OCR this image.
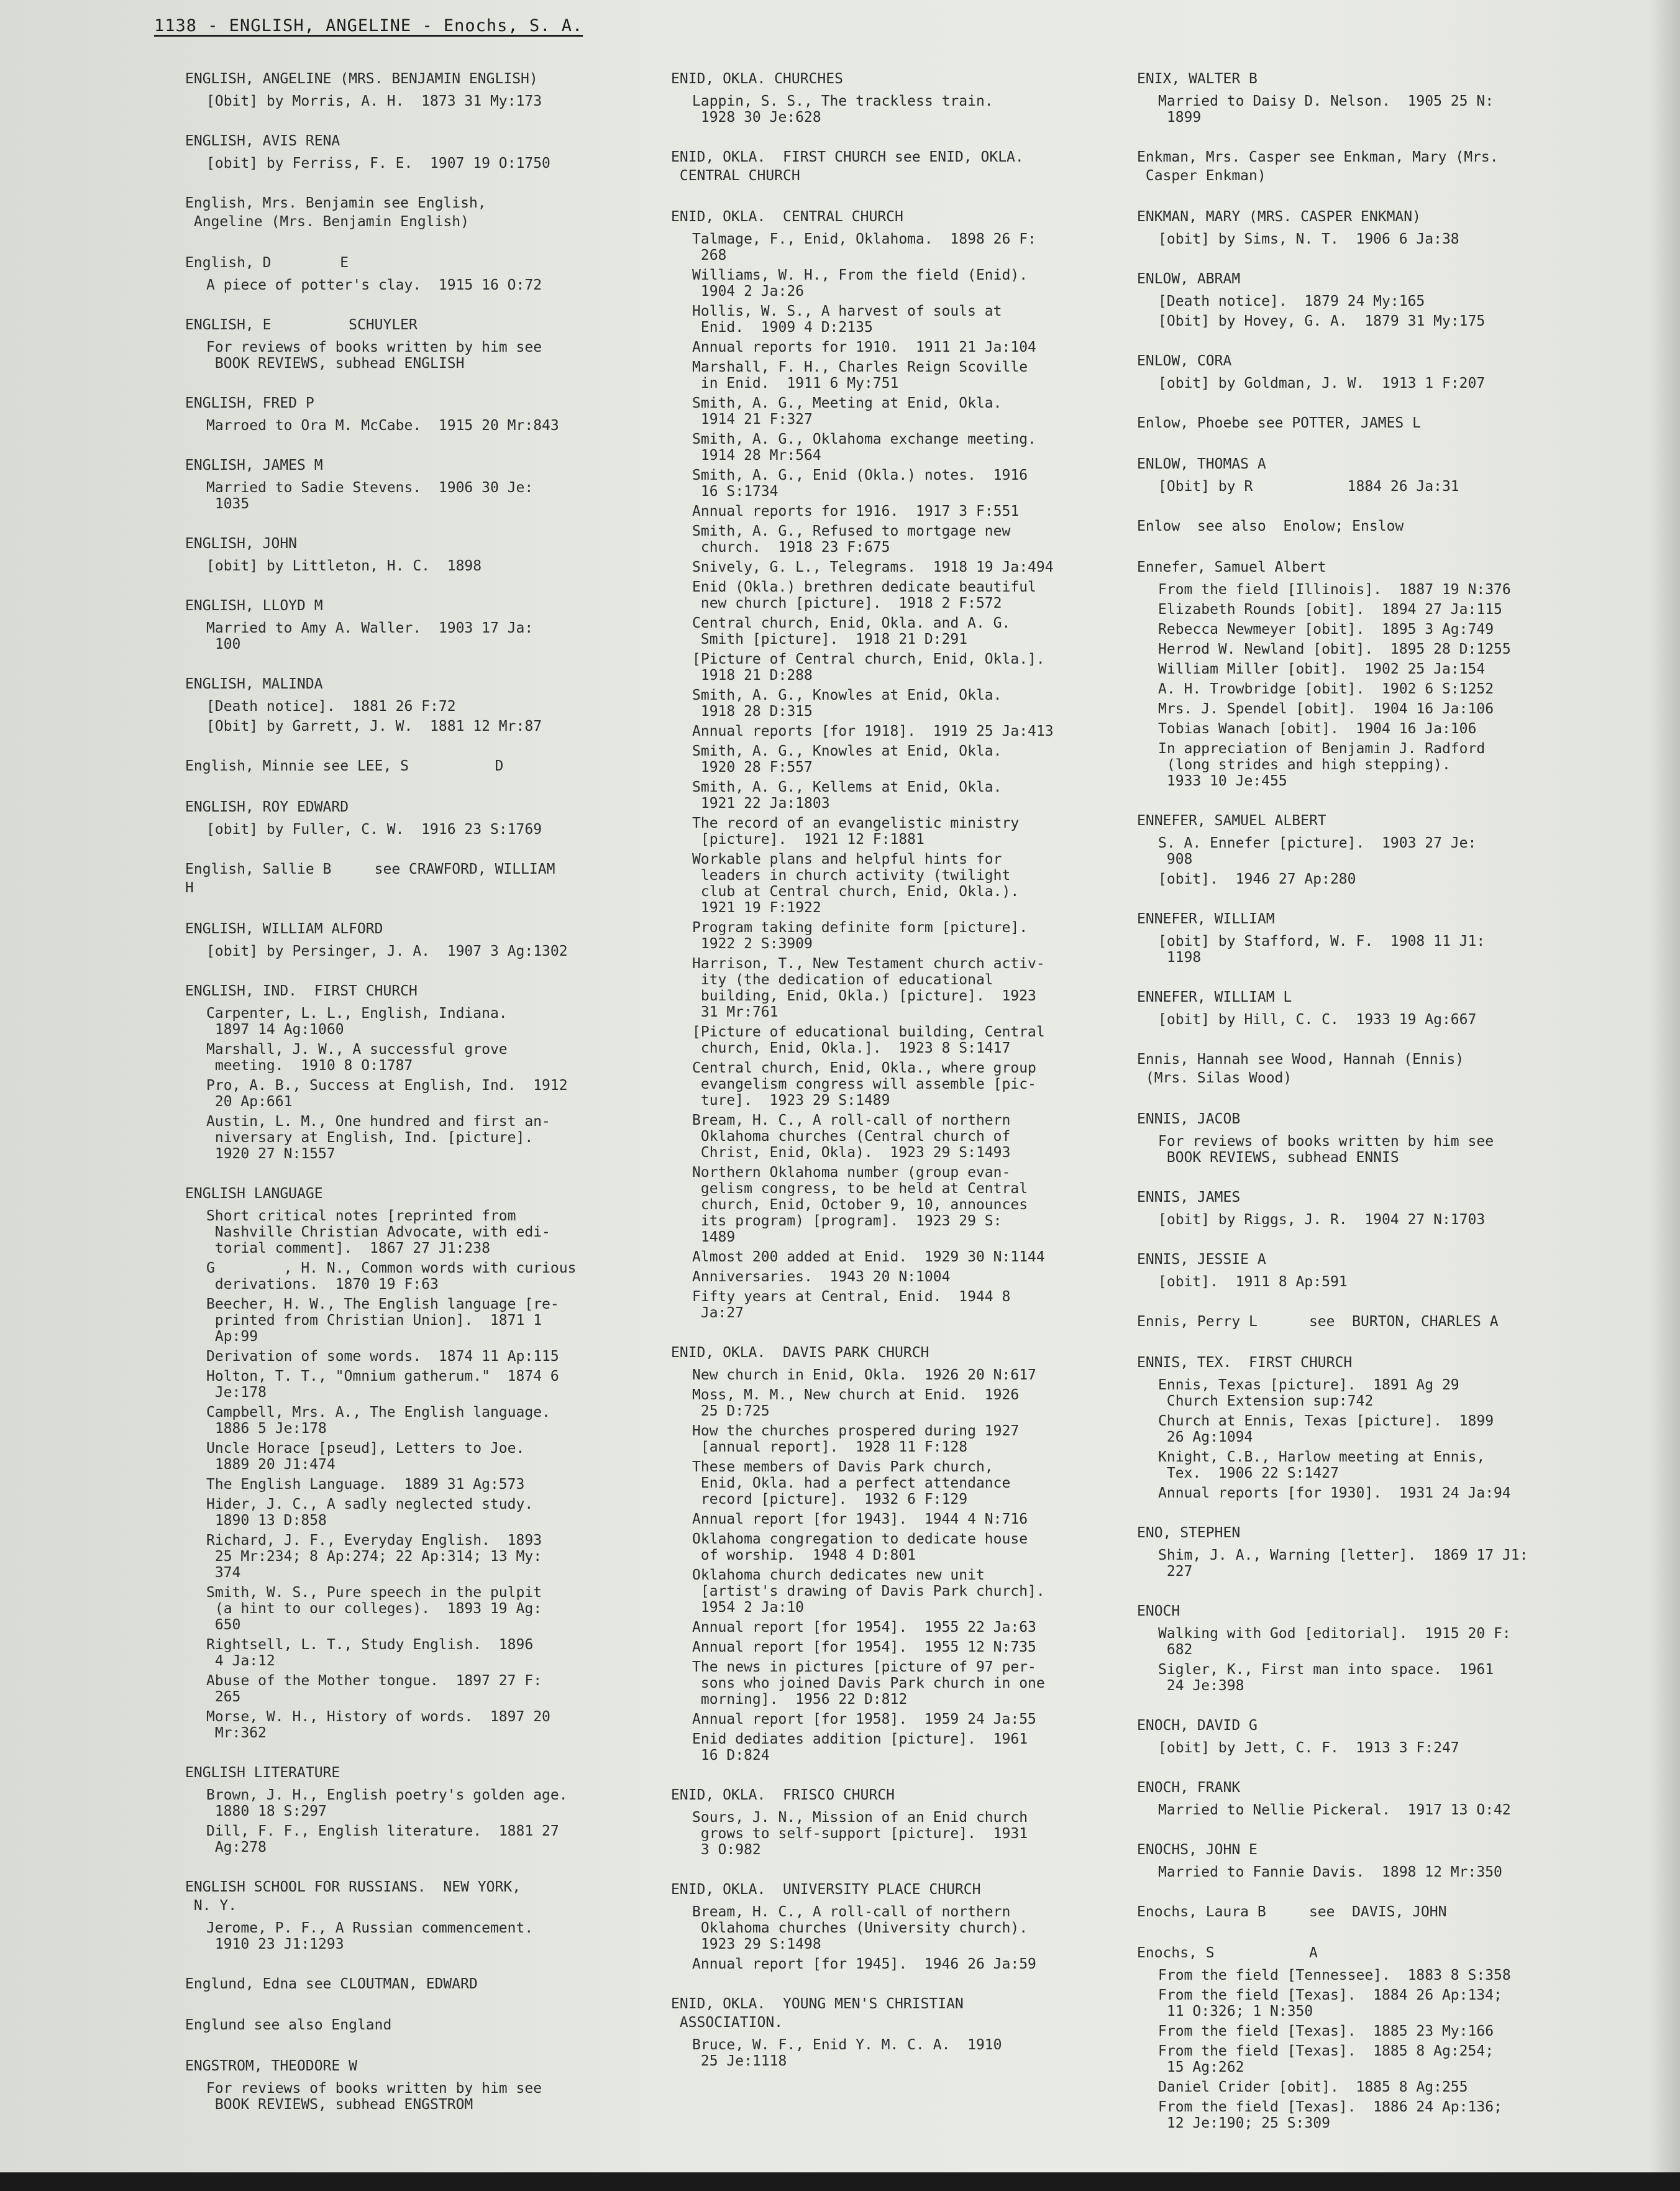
1138 - ENGLISH, ANGELINE - Enochs, S. A.
ENGLISH, ANGELINE (MRS. BENJAMIN ENGLISH)
[Obit] by Morris, A. H.  1873 31 My:173
ENGLISH, AVIS RENA
[obit] by Ferriss, F. E.  1907 19 O:1750
English, Mrs. Benjamin see English,
Angeline (Mrs. Benjamin English)
English, D        E
A piece of potter's clay.  1915 16 O:72
ENGLISH, E         SCHUYLER
For reviews of books written by him see
BOOK REVIEWS, subhead ENGLISH
ENGLISH, FRED P
Marroed to Ora M. McCabe.  1915 20 Mr:843
ENGLISH, JAMES M
Married to Sadie Stevens.  1906 30 Je:
1035
ENGLISH, JOHN
[obit] by Littleton, H. C.  1898
ENGLISH, LLOYD M
Married to Amy A. Waller.  1903 17 Ja:
100
ENGLISH, MALINDA
[Death notice].  1881 26 F:72
[Obit] by Garrett, J. W.  1881 12 Mr:87
English, Minnie see LEE, S          D
ENGLISH, ROY EDWARD
[obit] by Fuller, C. W.  1916 23 S:1769
English, Sallie B     see CRAWFORD, WILLIAM
H
ENGLISH, WILLIAM ALFORD
[obit] by Persinger, J. A.  1907 3 Ag:1302
ENGLISH, IND.  FIRST CHURCH
Carpenter, L. L., English, Indiana.
1897 14 Ag:1060
Marshall, J. W., A successful grove
meeting.  1910 8 O:1787
Pro, A. B., Success at English, Ind.  1912
20 Ap:661
Austin, L. M., One hundred and first an-
niversary at English, Ind. [picture].
1920 27 N:1557
ENGLISH LANGUAGE
Short critical notes [reprinted from
Nashville Christian Advocate, with edi-
torial comment].  1867 27 J1:238
G        , H. N., Common words with curious
derivations.  1870 19 F:63
Beecher, H. W., The English language [re-
printed from Christian Union].  1871 1
Ap:99
Derivation of some words.  1874 11 Ap:115
Holton, T. T., "Omnium gatherum."  1874 6
Je:178
Campbell, Mrs. A., The English language.
1886 5 Je:178
Uncle Horace [pseud], Letters to Joe.
1889 20 J1:474
The English Language.  1889 31 Ag:573
Hider, J. C., A sadly neglected study.
1890 13 D:858
Richard, J. F., Everyday English.  1893
25 Mr:234; 8 Ap:274; 22 Ap:314; 13 My:
374
Smith, W. S., Pure speech in the pulpit
(a hint to our colleges).  1893 19 Ag:
650
Rightsell, L. T., Study English.  1896
4 Ja:12
Abuse of the Mother tongue.  1897 27 F:
265
Morse, W. H., History of words.  1897 20
Mr:362
ENGLISH LITERATURE
Brown, J. H., English poetry's golden age.
1880 18 S:297
Dill, F. F., English literature.  1881 27
Ag:278
ENGLISH SCHOOL FOR RUSSIANS.  NEW YORK,
N. Y.
Jerome, P. F., A Russian commencement.
1910 23 J1:1293
Englund, Edna see CLOUTMAN, EDWARD
Englund see also England
ENGSTROM, THEODORE W
For reviews of books written by him see
BOOK REVIEWS, subhead ENGSTROM
ENID, OKLA. CHURCHES
Lappin, S. S., The trackless train.
1928 30 Je:628
ENID, OKLA.  FIRST CHURCH see ENID, OKLA.
CENTRAL CHURCH
ENID, OKLA.  CENTRAL CHURCH
Talmage, F., Enid, Oklahoma.  1898 26 F:
268
Williams, W. H., From the field (Enid).
1904 2 Ja:26
Hollis, W. S., A harvest of souls at
Enid.  1909 4 D:2135
Annual reports for 1910.  1911 21 Ja:104
Marshall, F. H., Charles Reign Scoville
in Enid.  1911 6 My:751
Smith, A. G., Meeting at Enid, Okla.
1914 21 F:327
Smith, A. G., Oklahoma exchange meeting.
1914 28 Mr:564
Smith, A. G., Enid (Okla.) notes.  1916
16 S:1734
Annual reports for 1916.  1917 3 F:551
Smith, A. G., Refused to mortgage new
church.  1918 23 F:675
Snively, G. L., Telegrams.  1918 19 Ja:494
Enid (Okla.) brethren dedicate beautiful
new church [picture].  1918 2 F:572
Central church, Enid, Okla. and A. G.
Smith [picture].  1918 21 D:291
[Picture of Central church, Enid, Okla.].
1918 21 D:288
Smith, A. G., Knowles at Enid, Okla.
1918 28 D:315
Annual reports [for 1918].  1919 25 Ja:413
Smith, A. G., Knowles at Enid, Okla.
1920 28 F:557
Smith, A. G., Kellems at Enid, Okla.
1921 22 Ja:1803
The record of an evangelistic ministry
[picture].  1921 12 F:1881
Workable plans and helpful hints for
leaders in church activity (twilight
club at Central church, Enid, Okla.).
1921 19 F:1922
Program taking definite form [picture].
1922 2 S:3909
Harrison, T., New Testament church activ-
ity (the dedication of educational
building, Enid, Okla.) [picture].  1923
31 Mr:761
[Picture of educational building, Central
church, Enid, Okla.].  1923 8 S:1417
Central church, Enid, Okla., where group
evangelism congress will assemble [pic-
ture].  1923 29 S:1489
Bream, H. C., A roll-call of northern
Oklahoma churches (Central church of
Christ, Enid, Okla).  1923 29 S:1493
Northern Oklahoma number (group evan-
gelism congress, to be held at Central
church, Enid, October 9, 10, announces
its program) [program].  1923 29 S:
1489
Almost 200 added at Enid.  1929 30 N:1144
Anniversaries.  1943 20 N:1004
Fifty years at Central, Enid.  1944 8
Ja:27
ENID, OKLA.  DAVIS PARK CHURCH
New church in Enid, Okla.  1926 20 N:617
Moss, M. M., New church at Enid.  1926
25 D:725
How the churches prospered during 1927
[annual report].  1928 11 F:128
These members of Davis Park church,
Enid, Okla. had a perfect attendance
record [picture].  1932 6 F:129
Annual report [for 1943].  1944 4 N:716
Oklahoma congregation to dedicate house
of worship.  1948 4 D:801
Oklahoma church dedicates new unit
[artist's drawing of Davis Park church].
1954 2 Ja:10
Annual report [for 1954].  1955 22 Ja:63
Annual report [for 1954].  1955 12 N:735
The news in pictures [picture of 97 per-
sons who joined Davis Park church in one
morning].  1956 22 D:812
Annual report [for 1958].  1959 24 Ja:55
Enid dediates addition [picture].  1961
16 D:824
ENID, OKLA.  FRISCO CHURCH
Sours, J. N., Mission of an Enid church
grows to self-support [picture].  1931
3 O:982
ENID, OKLA.  UNIVERSITY PLACE CHURCH
Bream, H. C., A roll-call of northern
Oklahoma churches (University church).
1923 29 S:1498
Annual report [for 1945].  1946 26 Ja:59
ENID, OKLA.  YOUNG MEN'S CHRISTIAN
ASSOCIATION.
Bruce, W. F., Enid Y. M. C. A.  1910
25 Je:1118
ENIX, WALTER B
Married to Daisy D. Nelson.  1905 25 N:
1899
Enkman, Mrs. Casper see Enkman, Mary (Mrs.
Casper Enkman)
ENKMAN, MARY (MRS. CASPER ENKMAN)
[obit] by Sims, N. T.  1906 6 Ja:38
ENLOW, ABRAM
[Death notice].  1879 24 My:165
[Obit] by Hovey, G. A.  1879 31 My:175
ENLOW, CORA
[obit] by Goldman, J. W.  1913 1 F:207
Enlow, Phoebe see POTTER, JAMES L
ENLOW, THOMAS A
[Obit] by R           1884 26 Ja:31
Enlow  see also  Enolow; Enslow
Ennefer, Samuel Albert
From the field [Illinois].  1887 19 N:376
Elizabeth Rounds [obit].  1894 27 Ja:115
Rebecca Newmeyer [obit].  1895 3 Ag:749
Herrod W. Newland [obit].  1895 28 D:1255
William Miller [obit].  1902 25 Ja:154
A. H. Trowbridge [obit].  1902 6 S:1252
Mrs. J. Spendel [obit].  1904 16 Ja:106
Tobias Wanach [obit].  1904 16 Ja:106
In appreciation of Benjamin J. Radford
(long strides and high stepping).
1933 10 Je:455
ENNEFER, SAMUEL ALBERT
S. A. Ennefer [picture].  1903 27 Je:
908
[obit].  1946 27 Ap:280
ENNEFER, WILLIAM
[obit] by Stafford, W. F.  1908 11 J1:
1198
ENNEFER, WILLIAM L
[obit] by Hill, C. C.  1933 19 Ag:667
Ennis, Hannah see Wood, Hannah (Ennis)
(Mrs. Silas Wood)
ENNIS, JACOB
For reviews of books written by him see
BOOK REVIEWS, subhead ENNIS
ENNIS, JAMES
[obit] by Riggs, J. R.  1904 27 N:1703
ENNIS, JESSIE A
[obit].  1911 8 Ap:591
Ennis, Perry L      see  BURTON, CHARLES A
ENNIS, TEX.  FIRST CHURCH
Ennis, Texas [picture].  1891 Ag 29
Church Extension sup:742
Church at Ennis, Texas [picture].  1899
26 Ag:1094
Knight, C.B., Harlow meeting at Ennis,
Tex.  1906 22 S:1427
Annual reports [for 1930].  1931 24 Ja:94
ENO, STEPHEN
Shim, J. A., Warning [letter].  1869 17 J1:
227
ENOCH
Walking with God [editorial].  1915 20 F:
682
Sigler, K., First man into space.  1961
24 Je:398
ENOCH, DAVID G
[obit] by Jett, C. F.  1913 3 F:247
ENOCH, FRANK
Married to Nellie Pickeral.  1917 13 O:42
ENOCHS, JOHN E
Married to Fannie Davis.  1898 12 Mr:350
Enochs, Laura B     see  DAVIS, JOHN
Enochs, S           A
From the field [Tennessee].  1883 8 S:358
From the field [Texas].  1884 26 Ap:134;
11 O:326; 1 N:350
From the field [Texas].  1885 23 My:166
From the field [Texas].  1885 8 Ag:254;
15 Ag:262
Daniel Crider [obit].  1885 8 Ag:255
From the field [Texas].  1886 24 Ap:136;
12 Je:190; 25 S:309
